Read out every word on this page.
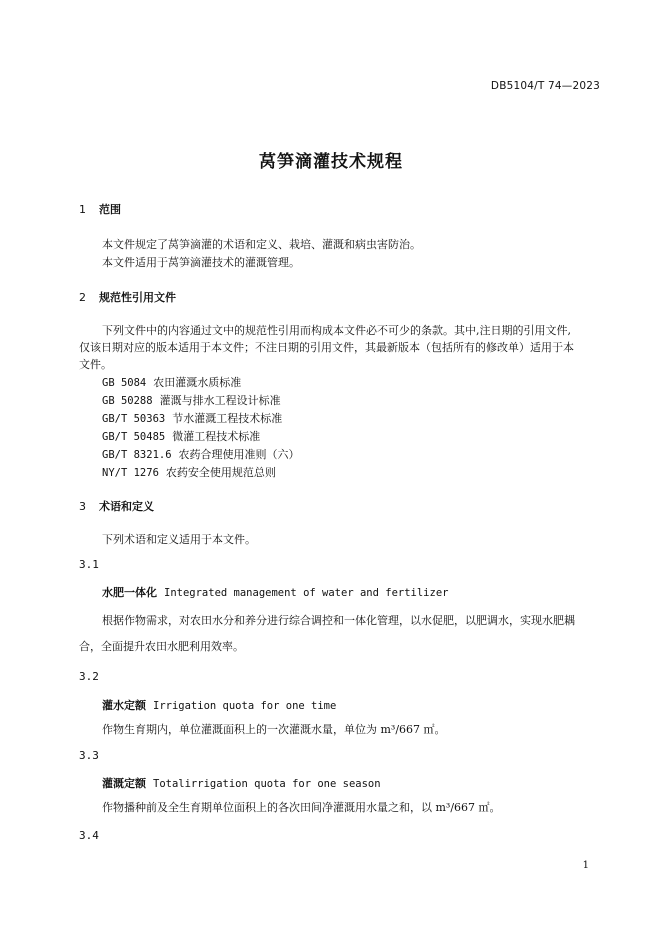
DB5104/T 74—2023
莴笋滴灌技术规程
1 范围
本文件规定了莴笋滴灌的术语和定义、栽培、灌溉和病虫害防治。
本文件适用于莴笋滴灌技术的灌溉管理。
2 规范性引用文件
下列文件中的内容通过文中的规范性引用而构成本文件必不可少的条款。其中,注日期的引用文件,
仅该日期对应的版本适用于本文件；不注日期的引用文件，其最新版本（包括所有的修改单）适用于本
文件。
GB 5084 农田灌溉水质标准
GB 50288 灌溉与排水工程设计标准
GB/T 50363 节水灌溉工程技术标准
GB/T 50485 微灌工程技术标准
GB/T 8321.6 农药合理使用准则（六）
NY/T 1276 农药安全使用规范总则
3 术语和定义
下列术语和定义适用于本文件。
3.1
水肥一体化 Integrated management of water and fertilizer
根据作物需求，对农田水分和养分进行综合调控和一体化管理，以水促肥，以肥调水，实现水肥耦
合，全面提升农田水肥利用效率。
3.2
灌水定额 Irrigation quota for one time
作物生育期内，单位灌溉面积上的一次灌溉水量，单位为 m³/667 ㎡。
3.3
灌溉定额 Totalirrigation quota for one season
作物播种前及全生育期单位面积上的各次田间净灌溉用水量之和，以 m³/667 ㎡。
3.4
1
